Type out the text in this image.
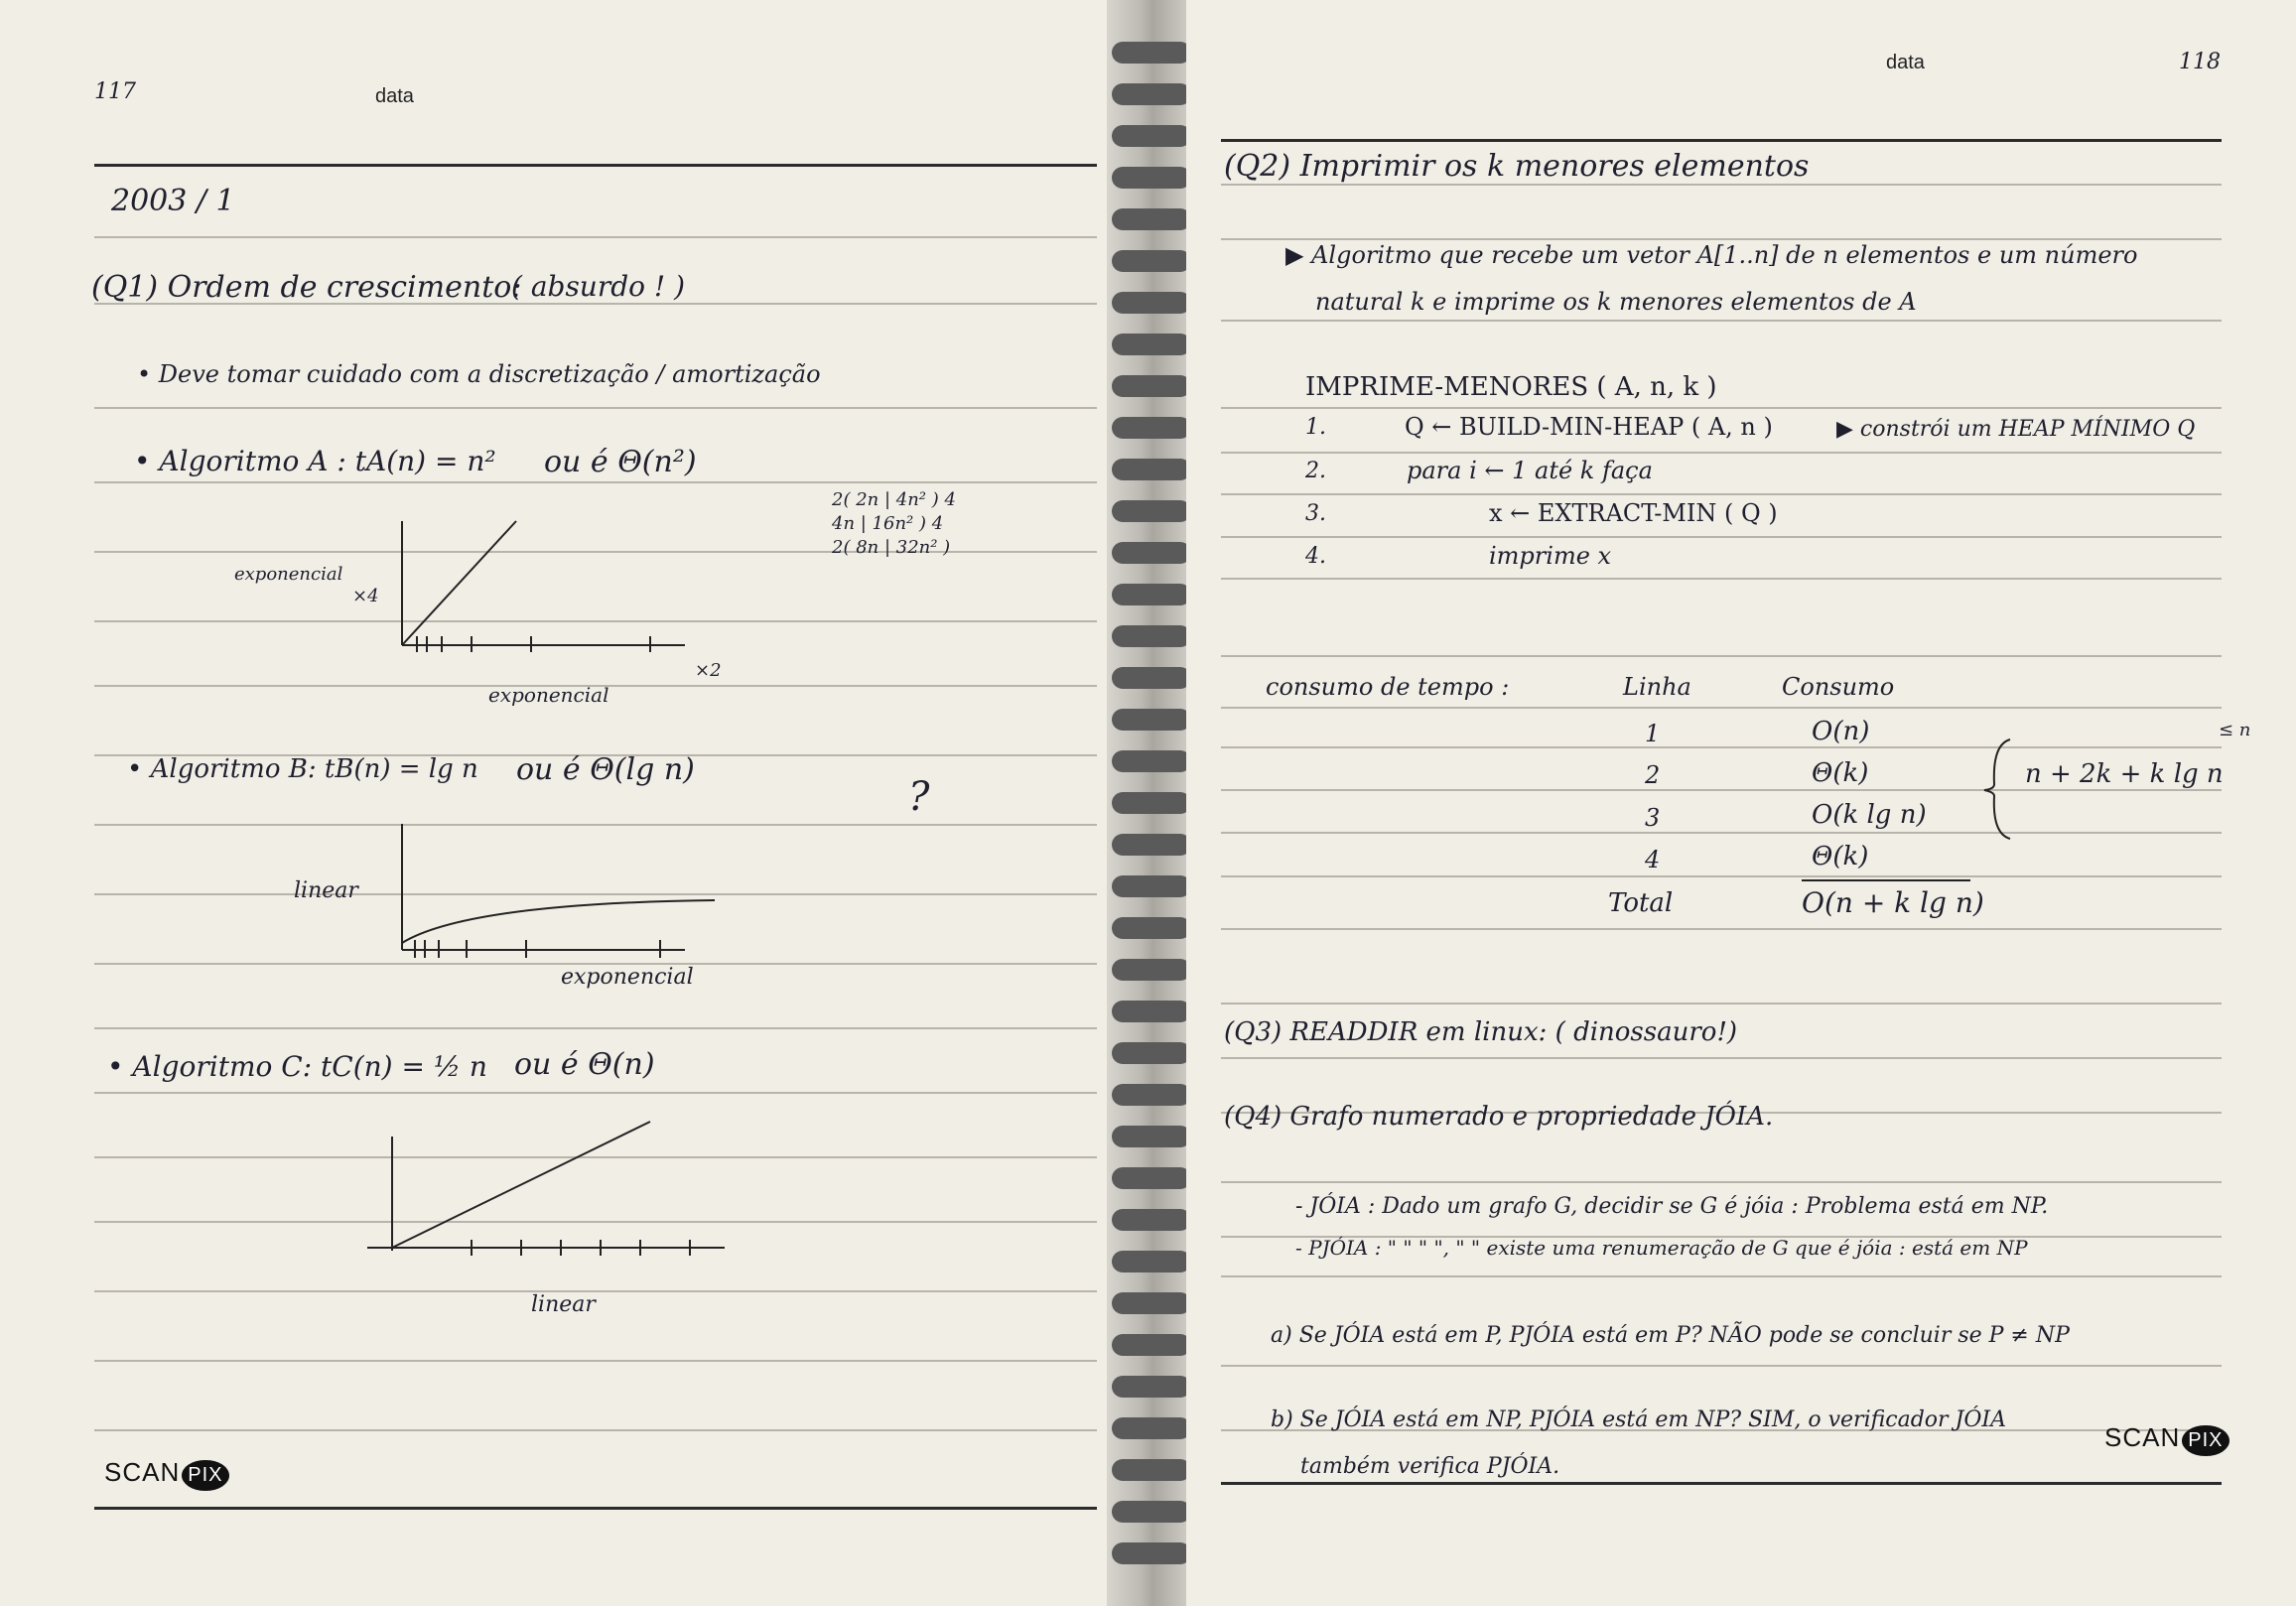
117	data
2003 / 1
(Q1) Ordem de crescimento:
( absurdo ! )
• Deve tomar cuidado com a discretização / amortização
• Algoritmo A : tA(n) = n² ou é Θ(n²)
2( 2n | 4n² ) 4
4n | 16n² ) 4
2( 8n | 32n² )
exponencial
×4
exponencial
×2
• Algoritmo B: tB(n) = lg n ou é Θ(lg n)
?
linear
exponencial
• Algoritmo C: tC(n) = ½ n ou é Θ(n)
linear
SCAN PIX
data	118
(Q2) Imprimir os k menores elementos
▶ Algoritmo que recebe um vetor A[1..n] de n elementos e um número
natural k e imprime os k menores elementos de A
IMPRIME-MENORES ( A, n, k )
1.	Q ← BUILD-MIN-HEAP ( A, n )	▶ constrói um HEAP MÍNIMO Q
2.	para i ← 1 até k faça
3.	x ← EXTRACT-MIN ( Q )
4.	imprime x
consumo de tempo :	Linha	Consumo
1	O(n)
2	Θ(k)
3	O(k lg n)
4	Θ(k)
Total	O(n + k lg n)
≤ n
n + 2k + k lg n
(Q3) READDIR em linux: ( dinossauro!)
(Q4) Grafo numerado e propriedade JÓIA.
- JÓIA : Dado um grafo G, decidir se G é jóia : Problema está em NP.
- PJÓIA : " " " ", " " existe uma renumeração de G que é jóia : está em NP
a) Se JÓIA está em P, PJÓIA está em P? NÃO pode se concluir se P ≠ NP
b) Se JÓIA está em NP, PJÓIA está em NP? SIM, o verificador JÓIA
também verifica PJÓIA.
SCAN PIX
